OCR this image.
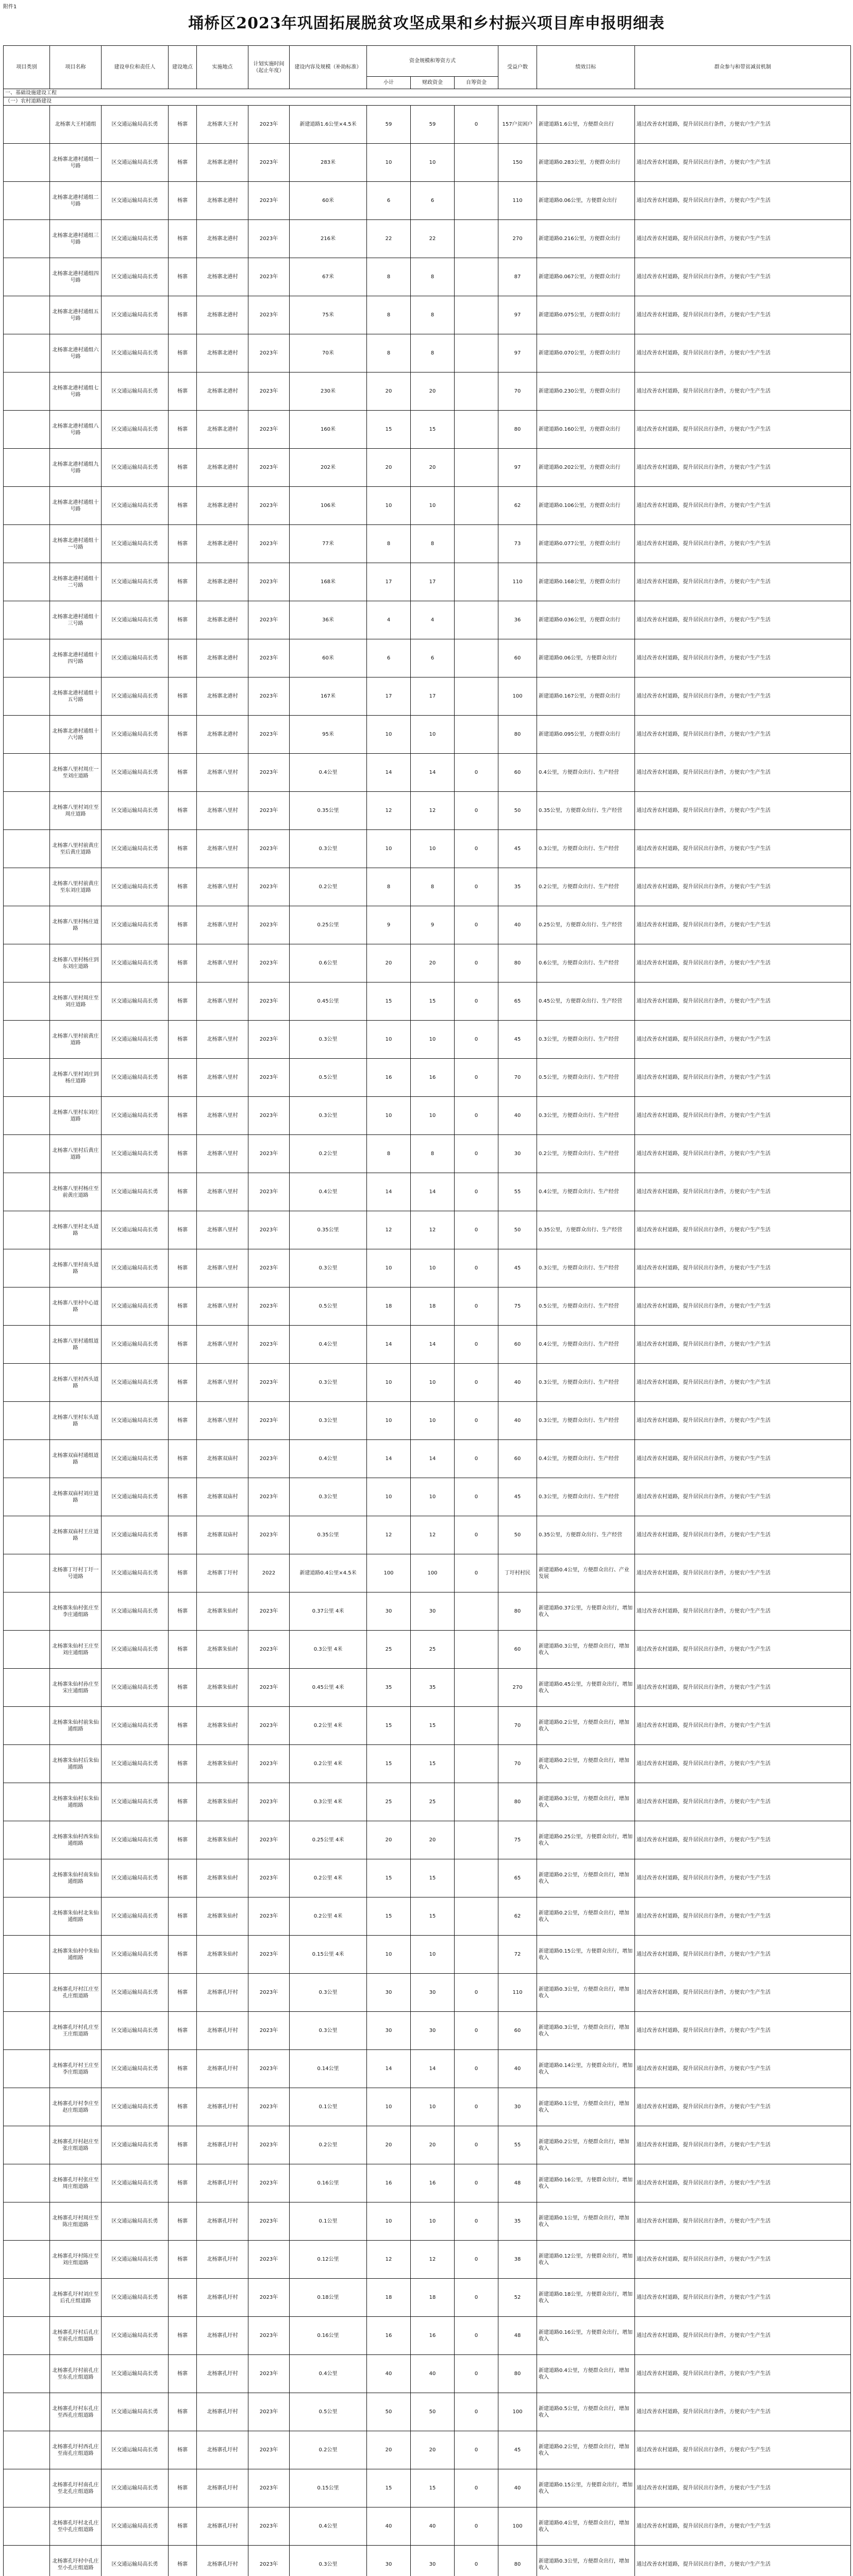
附件1
埇桥区2023年巩固拓展脱贫攻坚成果和乡村振兴项目库申报明细表
项目类别	项目名称	建设单位和责任人	建设地点	实施地点	计划实施时间（起止年度）	建设内容及规模（补助标准）	资金规模和筹资方式			受益户数	绩效目标	群众参与和带贫减贫机制
							小计	财政资金	自筹资金			
一、基础设施建设工程												
（一）农村道路建设												
	北杨寨大王村通组	区交通运输局高长勇	杨寨	北杨寨大王村	2023年	新建道路1.6公里×4.5米	59	59	0	157户贫困户	新建道路1.6公里，方便群众出行	通过改善农村道路，提升居民出行条件，方便农户生产生活
	北杨寨北港村通组一号路	区交通运输局高长勇	杨寨	北杨寨北港村	2023年	283米	10	10		150	新建道路0.283公里，方便群众出行	通过改善农村道路，提升居民出行条件，方便农户生产生活
	北杨寨北港村通组二号路	区交通运输局高长勇	杨寨	北杨寨北港村	2023年	60米	6	6		110	新建道路0.06公里，方便群众出行	通过改善农村道路，提升居民出行条件，方便农户生产生活
	北杨寨北港村通组三号路	区交通运输局高长勇	杨寨	北杨寨北港村	2023年	216米	22	22		270	新建道路0.216公里，方便群众出行	通过改善农村道路，提升居民出行条件，方便农户生产生活
	北杨寨北港村通组四号路	区交通运输局高长勇	杨寨	北杨寨北港村	2023年	67米	8	8		87	新建道路0.067公里，方便群众出行	通过改善农村道路，提升居民出行条件，方便农户生产生活
	北杨寨北港村通组五号路	区交通运输局高长勇	杨寨	北杨寨北港村	2023年	75米	8	8		97	新建道路0.075公里，方便群众出行	通过改善农村道路，提升居民出行条件，方便农户生产生活
	北杨寨北港村通组六号路	区交通运输局高长勇	杨寨	北杨寨北港村	2023年	70米	8	8		97	新建道路0.070公里，方便群众出行	通过改善农村道路，提升居民出行条件，方便农户生产生活
	北杨寨北港村通组七号路	区交通运输局高长勇	杨寨	北杨寨北港村	2023年	230米	20	20		70	新建道路0.230公里，方便群众出行	通过改善农村道路，提升居民出行条件，方便农户生产生活
	北杨寨北港村通组八号路	区交通运输局高长勇	杨寨	北杨寨北港村	2023年	160米	15	15		80	新建道路0.160公里，方便群众出行	通过改善农村道路，提升居民出行条件，方便农户生产生活
	北杨寨北港村通组九号路	区交通运输局高长勇	杨寨	北杨寨北港村	2023年	202米	20	20		97	新建道路0.202公里，方便群众出行	通过改善农村道路，提升居民出行条件，方便农户生产生活
	北杨寨北港村通组十号路	区交通运输局高长勇	杨寨	北杨寨北港村	2023年	106米	10	10		62	新建道路0.106公里，方便群众出行	通过改善农村道路，提升居民出行条件，方便农户生产生活
	北杨寨北港村通组十一号路	区交通运输局高长勇	杨寨	北杨寨北港村	2023年	77米	8	8		73	新建道路0.077公里，方便群众出行	通过改善农村道路，提升居民出行条件，方便农户生产生活
	北杨寨北港村通组十二号路	区交通运输局高长勇	杨寨	北杨寨北港村	2023年	168米	17	17		110	新建道路0.168公里，方便群众出行	通过改善农村道路，提升居民出行条件，方便农户生产生活
	北杨寨北港村通组十三号路	区交通运输局高长勇	杨寨	北杨寨北港村	2023年	36米	4	4		36	新建道路0.036公里，方便群众出行	通过改善农村道路，提升居民出行条件，方便农户生产生活
	北杨寨北港村通组十四号路	区交通运输局高长勇	杨寨	北杨寨北港村	2023年	60米	6	6		60	新建道路0.06公里，方便群众出行	通过改善农村道路，提升居民出行条件，方便农户生产生活
	北杨寨北港村通组十五号路	区交通运输局高长勇	杨寨	北杨寨北港村	2023年	167米	17	17		100	新建道路0.167公里，方便群众出行	通过改善农村道路，提升居民出行条件，方便农户生产生活
	北杨寨北港村通组十六号路	区交通运输局高长勇	杨寨	北杨寨北港村	2023年	95米	10	10		80	新建道路0.095公里，方便群众出行	通过改善农村道路，提升居民出行条件，方便农户生产生活
	北杨寨八里村周庄一至刘庄道路	区交通运输局高长勇	杨寨	北杨寨八里村	2023年	0.4公里	14	14	0	60	0.4公里，方便群众出行、生产经营	通过改善农村道路，提升居民出行条件，方便农户生产生活
	北杨寨八里村刘庄至周庄道路	区交通运输局高长勇	杨寨	北杨寨八里村	2023年	0.35公里	12	12	0	50	0.35公里，方便群众出行、生产经营	通过改善农村道路，提升居民出行条件，方便农户生产生活
	北杨寨八里村前黄庄至后黄庄道路	区交通运输局高长勇	杨寨	北杨寨八里村	2023年	0.3公里	10	10	0	45	0.3公里，方便群众出行、生产经营	通过改善农村道路，提升居民出行条件，方便农户生产生活
	北杨寨八里村前黄庄至东刘庄道路	区交通运输局高长勇	杨寨	北杨寨八里村	2023年	0.2公里	8	8	0	35	0.2公里，方便群众出行、生产经营	通过改善农村道路，提升居民出行条件，方便农户生产生活
	北杨寨八里村杨庄道路	区交通运输局高长勇	杨寨	北杨寨八里村	2023年	0.25公里	9	9	0	40	0.25公里，方便群众出行、生产经营	通过改善农村道路，提升居民出行条件，方便农户生产生活
	北杨寨八里村杨庄到东刘庄道路	区交通运输局高长勇	杨寨	北杨寨八里村	2023年	0.6公里	20	20	0	80	0.6公里，方便群众出行、生产经营	通过改善农村道路，提升居民出行条件，方便农户生产生活
	北杨寨八里村周庄至刘庄道路	区交通运输局高长勇	杨寨	北杨寨八里村	2023年	0.45公里	15	15	0	65	0.45公里，方便群众出行、生产经营	通过改善农村道路，提升居民出行条件，方便农户生产生活
	北杨寨八里村前黄庄道路	区交通运输局高长勇	杨寨	北杨寨八里村	2023年	0.3公里	10	10	0	45	0.3公里，方便群众出行、生产经营	通过改善农村道路，提升居民出行条件，方便农户生产生活
	北杨寨八里村刘庄到杨庄道路	区交通运输局高长勇	杨寨	北杨寨八里村	2023年	0.5公里	16	16	0	70	0.5公里，方便群众出行、生产经营	通过改善农村道路，提升居民出行条件，方便农户生产生活
	北杨寨八里村东刘庄道路	区交通运输局高长勇	杨寨	北杨寨八里村	2023年	0.3公里	10	10	0	40	0.3公里，方便群众出行、生产经营	通过改善农村道路，提升居民出行条件，方便农户生产生活
	北杨寨八里村后黄庄道路	区交通运输局高长勇	杨寨	北杨寨八里村	2023年	0.2公里	8	8	0	30	0.2公里，方便群众出行、生产经营	通过改善农村道路，提升居民出行条件，方便农户生产生活
	北杨寨八里村杨庄至前黄庄道路	区交通运输局高长勇	杨寨	北杨寨八里村	2023年	0.4公里	14	14	0	55	0.4公里，方便群众出行、生产经营	通过改善农村道路，提升居民出行条件，方便农户生产生活
	北杨寨八里村北头道路	区交通运输局高长勇	杨寨	北杨寨八里村	2023年	0.35公里	12	12	0	50	0.35公里，方便群众出行、生产经营	通过改善农村道路，提升居民出行条件，方便农户生产生活
	北杨寨八里村南头道路	区交通运输局高长勇	杨寨	北杨寨八里村	2023年	0.3公里	10	10	0	45	0.3公里，方便群众出行、生产经营	通过改善农村道路，提升居民出行条件，方便农户生产生活
	北杨寨八里村中心道路	区交通运输局高长勇	杨寨	北杨寨八里村	2023年	0.5公里	18	18	0	75	0.5公里，方便群众出行、生产经营	通过改善农村道路，提升居民出行条件，方便农户生产生活
	北杨寨八里村通组道路	区交通运输局高长勇	杨寨	北杨寨八里村	2023年	0.4公里	14	14	0	60	0.4公里，方便群众出行、生产经营	通过改善农村道路，提升居民出行条件，方便农户生产生活
	北杨寨八里村西头道路	区交通运输局高长勇	杨寨	北杨寨八里村	2023年	0.3公里	10	10	0	40	0.3公里，方便群众出行、生产经营	通过改善农村道路，提升居民出行条件，方便农户生产生活
	北杨寨八里村东头道路	区交通运输局高长勇	杨寨	北杨寨八里村	2023年	0.3公里	10	10	0	40	0.3公里，方便群众出行、生产经营	通过改善农村道路，提升居民出行条件，方便农户生产生活
	北杨寨双庙村通组道路	区交通运输局高长勇	杨寨	北杨寨双庙村	2023年	0.4公里	14	14	0	60	0.4公里，方便群众出行、生产经营	通过改善农村道路，提升居民出行条件，方便农户生产生活
	北杨寨双庙村刘庄道路	区交通运输局高长勇	杨寨	北杨寨双庙村	2023年	0.3公里	10	10	0	45	0.3公里，方便群众出行、生产经营	通过改善农村道路，提升居民出行条件，方便农户生产生活
	北杨寨双庙村王庄道路	区交通运输局高长勇	杨寨	北杨寨双庙村	2023年	0.35公里	12	12	0	50	0.35公里，方便群众出行、生产经营	通过改善农村道路，提升居民出行条件，方便农户生产生活
	北杨寨丁圩村丁圩一号道路	区交通运输局高长勇	杨寨	北杨寨丁圩村	2022	新建道路0.4公里×4.5米	100	100	0	丁圩村村民	新建道路0.4公里，方便群众出行、产业发展	通过改善农村道路，提升居民出行条件，方便农户生产生活
	北杨寨朱仙村张庄至李庄通组路	区交通运输局高长勇	杨寨	北杨寨朱仙村	2023年	0.37公里 4米	30	30		80	新建道路0.37公里，方便群众出行，增加收入	通过改善农村道路，提升居民出行条件，方便农户生产生活
	北杨寨朱仙村王庄至刘庄通组路	区交通运输局高长勇	杨寨	北杨寨朱仙村	2023年	0.3公里 4米	25	25		60	新建道路0.3公里，方便群众出行，增加收入	通过改善农村道路，提升居民出行条件，方便农户生产生活
	北杨寨朱仙村孙庄至宋庄通组路	区交通运输局高长勇	杨寨	北杨寨朱仙村	2023年	0.45公里 4米	35	35		270	新建道路0.45公里，方便群众出行，增加收入	通过改善农村道路，提升居民出行条件，方便农户生产生活
	北杨寨朱仙村前朱仙通组路	区交通运输局高长勇	杨寨	北杨寨朱仙村	2023年	0.2公里 4米	15	15		70	新建道路0.2公里，方便群众出行，增加收入	通过改善农村道路，提升居民出行条件，方便农户生产生活
	北杨寨朱仙村后朱仙通组路	区交通运输局高长勇	杨寨	北杨寨朱仙村	2023年	0.2公里 4米	15	15		70	新建道路0.2公里，方便群众出行，增加收入	通过改善农村道路，提升居民出行条件，方便农户生产生活
	北杨寨朱仙村东朱仙通组路	区交通运输局高长勇	杨寨	北杨寨朱仙村	2023年	0.3公里 4米	25	25		80	新建道路0.3公里，方便群众出行，增加收入	通过改善农村道路，提升居民出行条件，方便农户生产生活
	北杨寨朱仙村西朱仙通组路	区交通运输局高长勇	杨寨	北杨寨朱仙村	2023年	0.25公里 4米	20	20		75	新建道路0.25公里，方便群众出行，增加收入	通过改善农村道路，提升居民出行条件，方便农户生产生活
	北杨寨朱仙村南朱仙通组路	区交通运输局高长勇	杨寨	北杨寨朱仙村	2023年	0.2公里 4米	15	15		65	新建道路0.2公里，方便群众出行，增加收入	通过改善农村道路，提升居民出行条件，方便农户生产生活
	北杨寨朱仙村北朱仙通组路	区交通运输局高长勇	杨寨	北杨寨朱仙村	2023年	0.2公里 4米	15	15		62	新建道路0.2公里，方便群众出行，增加收入	通过改善农村道路，提升居民出行条件，方便农户生产生活
	北杨寨朱仙村中朱仙通组路	区交通运输局高长勇	杨寨	北杨寨朱仙村	2023年	0.15公里 4米	10	10		72	新建道路0.15公里，方便群众出行，增加收入	通过改善农村道路，提升居民出行条件，方便农户生产生活
	北杨寨孔圩村江庄至孔庄组道路	区交通运输局高长勇	杨寨	北杨寨孔圩村	2023年	0.3公里	30	30	0	110	新建道路0.3公里，方便群众出行，增加收入	通过改善农村道路，提升居民出行条件，方便农户生产生活
	北杨寨孔圩村孔庄至王庄组道路	区交通运输局高长勇	杨寨	北杨寨孔圩村	2023年	0.3公里	30	30	0	60	新建道路0.3公里，方便群众出行，增加收入	通过改善农村道路，提升居民出行条件，方便农户生产生活
	北杨寨孔圩村王庄至李庄组道路	区交通运输局高长勇	杨寨	北杨寨孔圩村	2023年	0.14公里	14	14	0	40	新建道路0.14公里，方便群众出行，增加收入	通过改善农村道路，提升居民出行条件，方便农户生产生活
	北杨寨孔圩村李庄至赵庄组道路	区交通运输局高长勇	杨寨	北杨寨孔圩村	2023年	0.1公里	10	10	0	30	新建道路0.1公里，方便群众出行，增加收入	通过改善农村道路，提升居民出行条件，方便农户生产生活
	北杨寨孔圩村赵庄至张庄组道路	区交通运输局高长勇	杨寨	北杨寨孔圩村	2023年	0.2公里	20	20	0	55	新建道路0.2公里，方便群众出行，增加收入	通过改善农村道路，提升居民出行条件，方便农户生产生活
	北杨寨孔圩村张庄至周庄组道路	区交通运输局高长勇	杨寨	北杨寨孔圩村	2023年	0.16公里	16	16	0	48	新建道路0.16公里，方便群众出行，增加收入	通过改善农村道路，提升居民出行条件，方便农户生产生活
	北杨寨孔圩村周庄至陈庄组道路	区交通运输局高长勇	杨寨	北杨寨孔圩村	2023年	0.1公里	10	10	0	35	新建道路0.1公里，方便群众出行，增加收入	通过改善农村道路，提升居民出行条件，方便农户生产生活
	北杨寨孔圩村陈庄至刘庄组道路	区交通运输局高长勇	杨寨	北杨寨孔圩村	2023年	0.12公里	12	12	0	38	新建道路0.12公里，方便群众出行，增加收入	通过改善农村道路，提升居民出行条件，方便农户生产生活
	北杨寨孔圩村刘庄至后孔庄组道路	区交通运输局高长勇	杨寨	北杨寨孔圩村	2023年	0.18公里	18	18	0	52	新建道路0.18公里，方便群众出行，增加收入	通过改善农村道路，提升居民出行条件，方便农户生产生活
	北杨寨孔圩村后孔庄至前孔庄组道路	区交通运输局高长勇	杨寨	北杨寨孔圩村	2023年	0.16公里	16	16	0	48	新建道路0.16公里，方便群众出行，增加收入	通过改善农村道路，提升居民出行条件，方便农户生产生活
	北杨寨孔圩村前孔庄至东孔庄组道路	区交通运输局高长勇	杨寨	北杨寨孔圩村	2023年	0.4公里	40	40	0	80	新建道路0.4公里，方便群众出行，增加收入	通过改善农村道路，提升居民出行条件，方便农户生产生活
	北杨寨孔圩村东孔庄至西孔庄组道路	区交通运输局高长勇	杨寨	北杨寨孔圩村	2023年	0.5公里	50	50	0	100	新建道路0.5公里，方便群众出行，增加收入	通过改善农村道路，提升居民出行条件，方便农户生产生活
	北杨寨孔圩村西孔庄至南孔庄组道路	区交通运输局高长勇	杨寨	北杨寨孔圩村	2023年	0.2公里	20	20	0	45	新建道路0.2公里，方便群众出行，增加收入	通过改善农村道路，提升居民出行条件，方便农户生产生活
	北杨寨孔圩村南孔庄至北孔庄组道路	区交通运输局高长勇	杨寨	北杨寨孔圩村	2023年	0.15公里	15	15	0	40	新建道路0.15公里，方便群众出行，增加收入	通过改善农村道路，提升居民出行条件，方便农户生产生活
	北杨寨孔圩村北孔庄至中孔庄组道路	区交通运输局高长勇	杨寨	北杨寨孔圩村	2023年	0.4公里	40	40	0	100	新建道路0.4公里，方便群众出行，增加收入	通过改善农村道路，提升居民出行条件，方便农户生产生活
	北杨寨孔圩村中孔庄至小孔庄组道路	区交通运输局高长勇	杨寨	北杨寨孔圩村	2023年	0.3公里	30	30	0	80	新建道路0.3公里，方便群众出行，增加收入	通过改善农村道路，提升居民出行条件，方便农户生产生活
